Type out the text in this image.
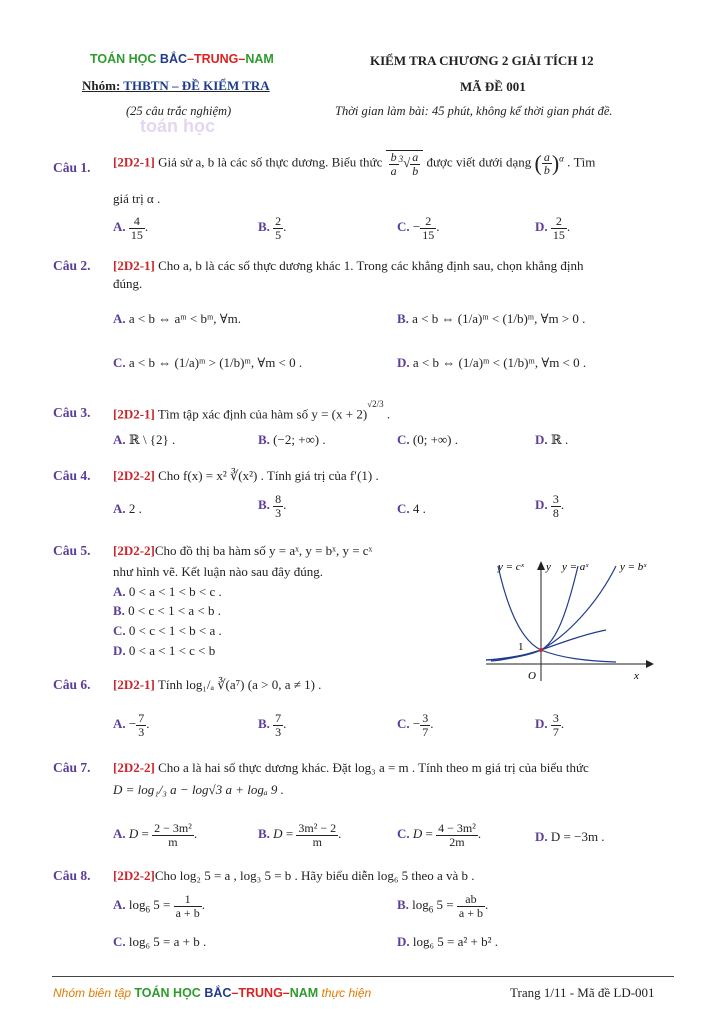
TOÁN HỌC BẮC–TRUNG–NAM
Nhóm: THBTN – ĐỀ KIỂM TRA
(25 câu trắc nghiệm)
toán học
KIỂM TRA CHƯƠNG 2 GIẢI TÍCH 12
MÃ ĐỀ 001
Thời gian làm bài: 45 phút, không kể thời gian phát đề.
Câu 1. [2D2-1] Giả sử a, b là các số thực dương. Biểu thức $\frac{b}{a} ^3√ \frac{a}{b}$ được viết dưới dạng ( $\frac{a}{b} )^\alpha$ . Tìm
giá trị α .
A. $\frac{4}{15}$ .	B. $\frac{2}{5}$ .	C. − $\frac{2}{15}$ .	D. $\frac{2}{15}$ .
Câu 2. [2D2-1] Cho a, b là các số thực dương khác 1. Trong các khẳng định sau, chọn khẳng định
đúng.
A. a < b ⇔ aᵐ < bᵐ, ∀m.	B. a < b ⇔ (1/a)ᵐ < (1/b)ᵐ, ∀m > 0 .
C. a < b ⇔ (1/a)ᵐ > (1/b)ᵐ, ∀m < 0 .	D. a < b ⇔ (1/a)ᵐ < (1/b)ᵐ, ∀m < 0 .
Câu 3. [2D2-1] Tìm tập xác định của hàm số $y = (x + 2)^{√2/3}$ .
A. ℝ \ {2} .	B. (−2; +∞) .	C. (0; +∞) .	D. ℝ .
Câu 4. [2D2-2] Cho f(x) = x² ∛(x²) . Tính giá trị của f′(1) .
A. 2 .	B. $\frac{8}{3}$ .	C. 4 .	D. $\frac{3}{8}$ .
Câu 5. [2D2-2]Cho đồ thị ba hàm số y = aˣ, y = bˣ, y = cˣ
như hình vẽ. Kết luận nào sau đây đúng.
A. 0 < a < 1 < b < c .
B. 0 < c < 1 < a < b .
C. 0 < c < 1 < b < a .
D. 0 < a < 1 < c < b
y = cˣ y y = aˣ	y = bˣ
1
O	x
Câu 6. [2D2-1] Tính log₁/ₐ ∛(a⁷) (a > 0, a ≠ 1) .
A. − $\frac{7}{3}$ .	B. $\frac{7}{3}$ .	C. − $\frac{3}{7}$ .	D. $\frac{3}{7}$ .
Câu 7. [2D2-2] Cho a là hai số thực dương khác. Đặt log₃ a = m . Tính theo m giá trị của biểu thức
D = log₁/₃ a − log√3 a + logₐ 9 .
A. $D = \frac{\text{2 − 3m²}}{m}$ .	B. $D = \frac{\text{3m² − 2}}{m}$ .	C. $D = \frac{\text{4 − 3m²}}{2m}$ .	D. D = −3m .
Câu 8. [2D2-2]Cho log₂ 5 = a , log₃ 5 = b . Hãy biểu diễn log₆ 5 theo a và b .
A. $\log_6 5 = \frac{1}{a + b}$ .	B. $\log_6 5 = \frac{ab}{a + b}$ .
C. log₆ 5 = a + b .	D. log₆ 5 = a² + b² .
Nhóm biên tập TOÁN HỌC BẮC–TRUNG–NAM thực hiện	Trang 1/11 - Mã đề LD-001
